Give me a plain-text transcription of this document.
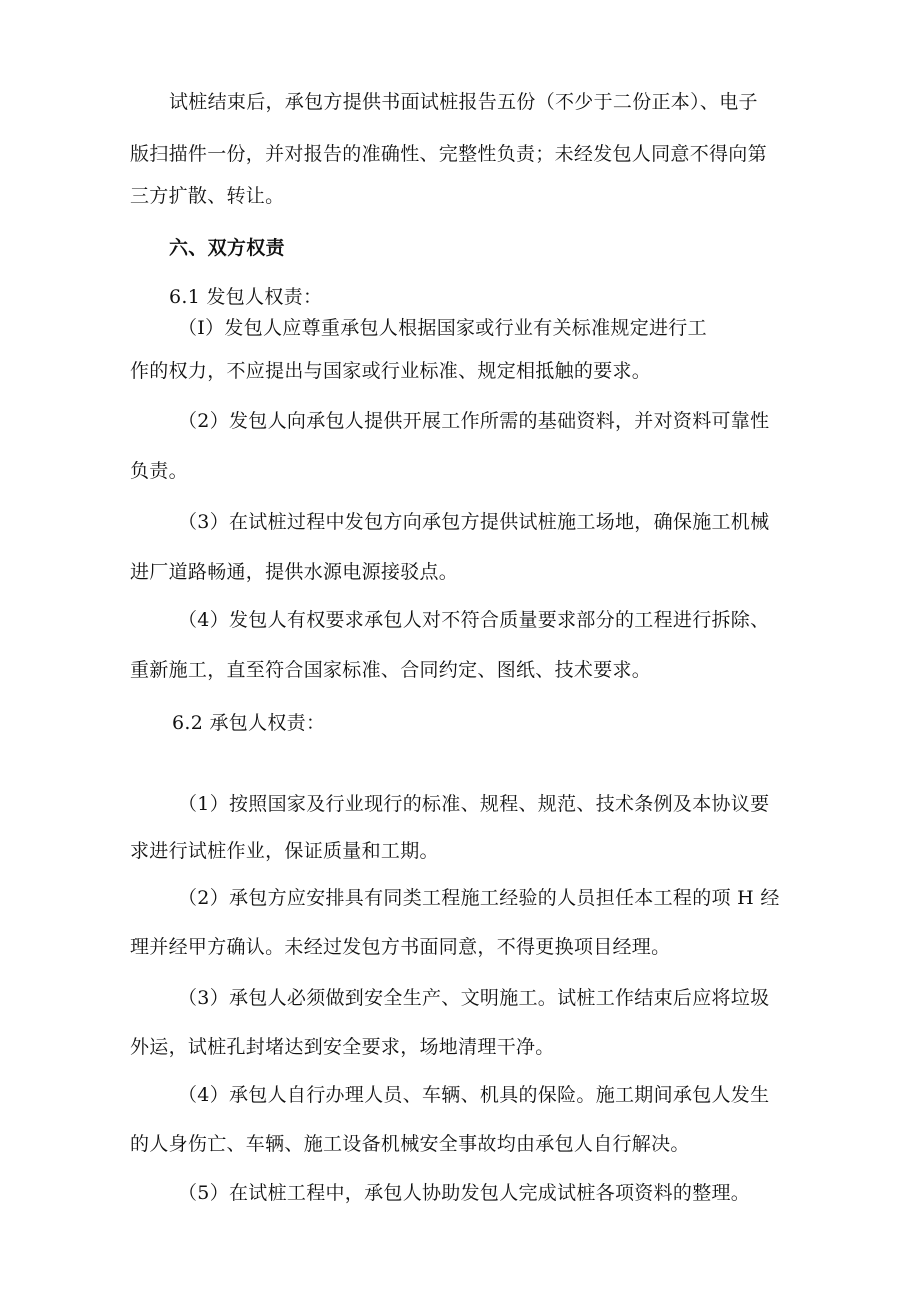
试桩结束后，承包方提供书面试桩报告五份（不少于二份正本）、电子
版扫描件一份，并对报告的准确性、完整性负责；未经发包人同意不得向第
三方扩散、转让。
六、双方权责
6.1 发包人权责：
（I）发包人应尊重承包人根据国家或行业有关标准规定进行工
作的权力，不应提出与国家或行业标准、规定相抵触的要求。
（2）发包人向承包人提供开展工作所需的基础资料，并对资料可靠性
负责。
（3）在试桩过程中发包方向承包方提供试桩施工场地，确保施工机械
进厂道路畅通，提供水源电源接驳点。
（4）发包人有权要求承包人对不符合质量要求部分的工程进行拆除、
重新施工，直至符合国家标准、合同约定、图纸、技术要求。
6.2 承包人权责：
（1）按照国家及行业现行的标准、规程、规范、技术条例及本协议要
求进行试桩作业，保证质量和工期。
（2）承包方应安排具有同类工程施工经验的人员担任本工程的项 H 经
理并经甲方确认。未经过发包方书面同意，不得更换项目经理。
（3）承包人必须做到安全生产、文明施工。试桩工作结束后应将垃圾
外运，试桩孔封堵达到安全要求，场地清理干净。
（4）承包人自行办理人员、车辆、机具的保险。施工期间承包人发生
的人身伤亡、车辆、施工设备机械安全事故均由承包人自行解决。
（5）在试桩工程中，承包人协助发包人完成试桩各项资料的整理。
